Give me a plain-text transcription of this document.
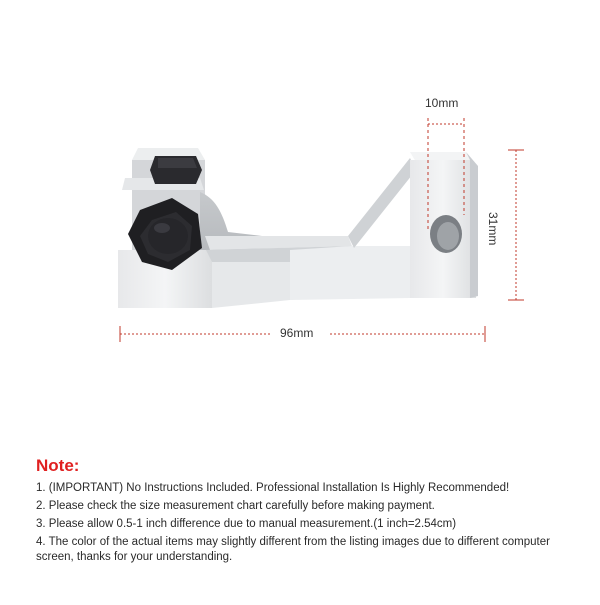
96mm
10mm
31mm
Note:

1. (IMPORTANT) No Instructions Included. Professional Installation Is Highly Recommended!

2. Please check the size measurement chart carefully before making payment.

3. Please allow 0.5-1 inch difference due to manual measurement.(1 inch=2.54cm)

4. The color of the actual items may slightly different from the listing images due to different computer screen, thanks for your understanding.
